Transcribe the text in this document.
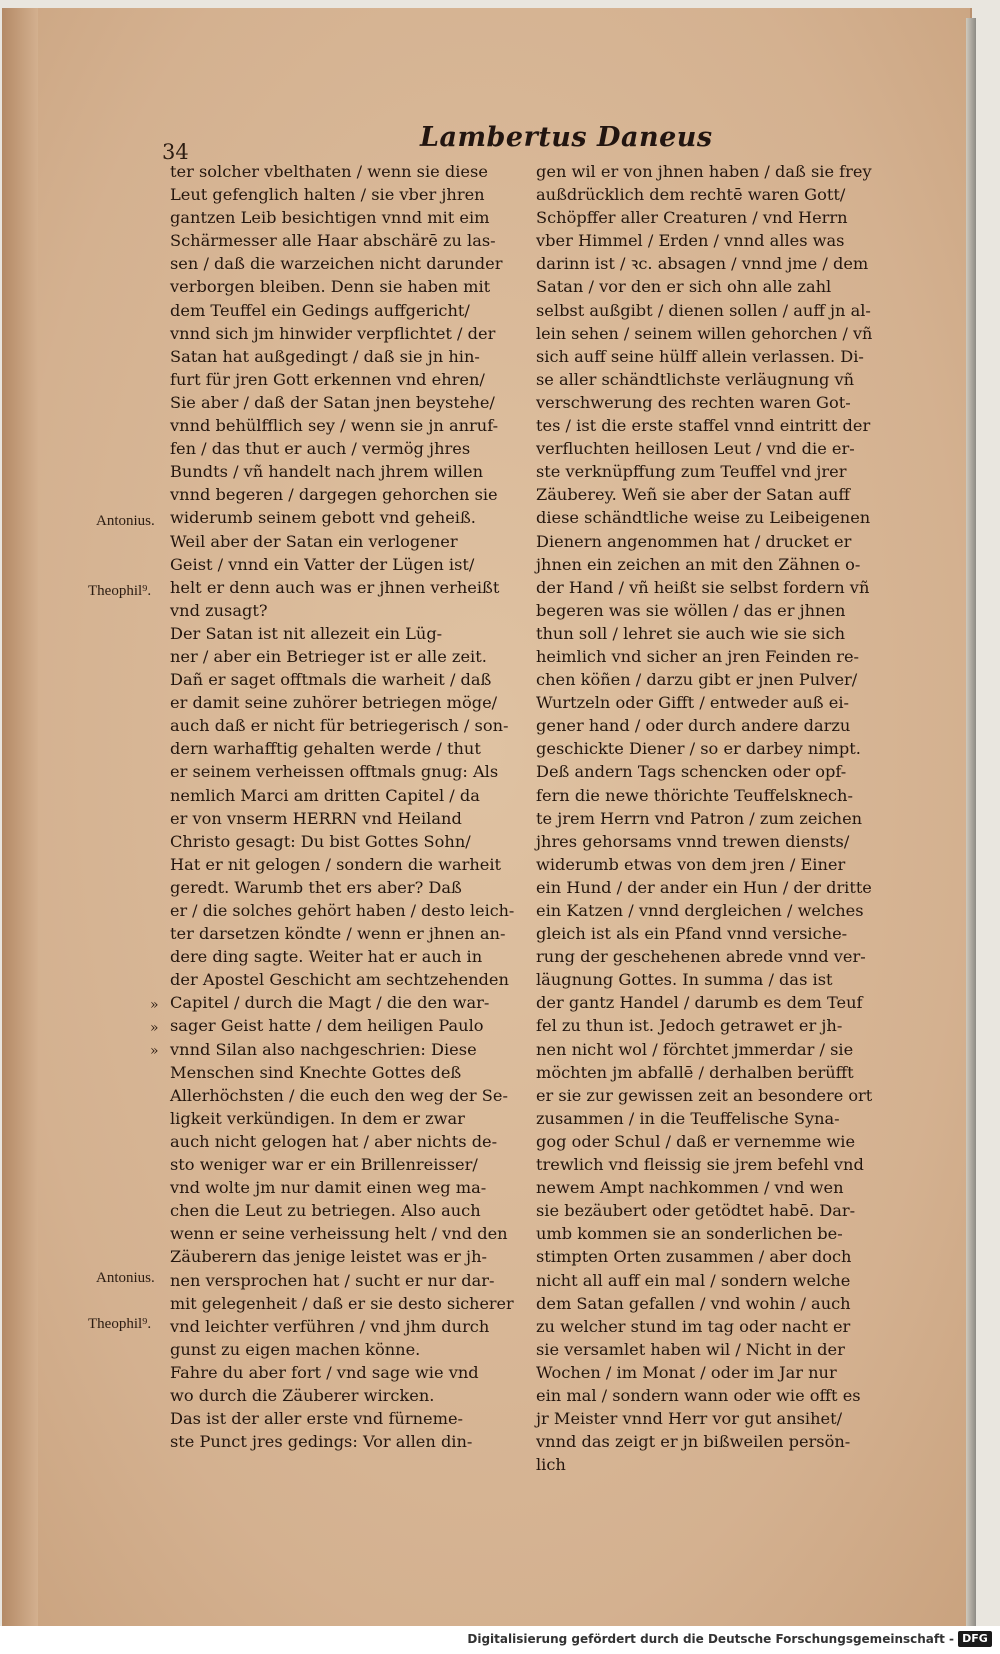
34	Lambertus Daneus
ter solcher vbelthaten / wenn sie diese
Leut gefenglich halten / sie vber jhren
gantzen Leib besichtigen vnnd mit eim
Schärmesser alle Haar abschärē zu las-
sen / daß die warzeichen nicht darunder
verborgen bleiben. Denn sie haben mit
dem Teuffel ein Gedings auffgericht/
vnnd sich jm hinwider verpflichtet / der
Satan hat außgedingt / daß sie jn hin-
furt für jren Gott erkennen vnd ehren/
Sie aber / daß der Satan jnen beystehe/
vnnd behülfflich sey / wenn sie jn anruf-
fen / das thut er auch / vermög jhres
Bundts / vñ handelt nach jhrem willen
vnnd begeren / dargegen gehorchen sie
widerumb seinem gebott vnd geheiß.
Weil aber der Satan ein verlogener
Geist / vnnd ein Vatter der Lügen ist/
helt er denn auch was er jhnen verheißt
vnd zusagt?
Der Satan ist nit allezeit ein Lüg-
ner / aber ein Betrieger ist er alle zeit.
Dañ er saget offtmals die warheit / daß
er damit seine zuhörer betriegen möge/
auch daß er nicht für betriegerisch / son-
dern warhafftig gehalten werde / thut
er seinem verheissen offtmals gnug: Als
nemlich Marci am dritten Capitel / da
er von vnserm HERRN vnd Heiland
Christo gesagt: Du bist Gottes Sohn/
Hat er nit gelogen / sondern die warheit
geredt. Warumb thet ers aber? Daß
er / die solches gehört haben / desto leich-
ter darsetzen köndte / wenn er jhnen an-
dere ding sagte. Weiter hat er auch in
der Apostel Geschicht am sechtzehenden
Capitel / durch die Magt / die den war-
sager Geist hatte / dem heiligen Paulo
vnnd Silan also nachgeschrien: Diese
Menschen sind Knechte Gottes deß
Allerhöchsten / die euch den weg der Se-
ligkeit verkündigen. In dem er zwar
auch nicht gelogen hat / aber nichts de-
sto weniger war er ein Brillenreisser/
vnd wolte jm nur damit einen weg ma-
chen die Leut zu betriegen. Also auch
wenn er seine verheissung helt / vnd den
Zäuberern das jenige leistet was er jh-
nen versprochen hat / sucht er nur dar-
mit gelegenheit / daß er sie desto sicherer
vnd leichter verführen / vnd jhm durch
gunst zu eigen machen könne.
Fahre du aber fort / vnd sage wie vnd
wo durch die Zäuberer wircken.
Das ist der aller erste vnd fürneme-
ste Punct jres gedings: Vor allen din-
gen wil er von jhnen haben / daß sie frey
außdrücklich dem rechtē waren Gott/
Schöpffer aller Creaturen / vnd Herrn
vber Himmel / Erden / vnnd alles was
darinn ist / ꝛc. absagen / vnnd jme / dem
Satan / vor den er sich ohn alle zahl
selbst außgibt / dienen sollen / auff jn al-
lein sehen / seinem willen gehorchen / vñ
sich auff seine hülff allein verlassen. Di-
se aller schändtlichste verläugnung vñ
verschwerung des rechten waren Got-
tes / ist die erste staffel vnnd eintritt der
verfluchten heillosen Leut / vnd die er-
ste verknüpffung zum Teuffel vnd jrer
Zäuberey. Weñ sie aber der Satan auff
diese schändtliche weise zu Leibeigenen
Dienern angenommen hat / drucket er
jhnen ein zeichen an mit den Zähnen o-
der Hand / vñ heißt sie selbst fordern vñ
begeren was sie wöllen / das er jhnen
thun soll / lehret sie auch wie sie sich
heimlich vnd sicher an jren Feinden re-
chen köñen / darzu gibt er jnen Pulver/
Wurtzeln oder Gifft / entweder auß ei-
gener hand / oder durch andere darzu
geschickte Diener / so er darbey nimpt.
Deß andern Tags schencken oder opf-
fern die newe thörichte Teuffelsknech-
te jrem Herrn vnd Patron / zum zeichen
jhres gehorsams vnnd trewen diensts/
widerumb etwas von dem jren / Einer
ein Hund / der ander ein Hun / der dritte
ein Katzen / vnnd dergleichen / welches
gleich ist als ein Pfand vnnd versiche-
rung der geschehenen abrede vnnd ver-
läugnung Gottes. In summa / das ist
der gantz Handel / darumb es dem Teuf
fel zu thun ist. Jedoch getrawet er jh-
nen nicht wol / förchtet jmmerdar / sie
möchten jm abfallē / derhalben berüfft
er sie zur gewissen zeit an besondere ort
zusammen / in die Teuffelische Syna-
gog oder Schul / daß er vernemme wie
trewlich vnd fleissig sie jrem befehl vnd
newem Ampt nachkommen / vnd wen
sie bezäubert oder getödtet habē. Dar-
umb kommen sie an sonderlichen be-
stimpten Orten zusammen / aber doch
nicht all auff ein mal / sondern welche
dem Satan gefallen / vnd wohin / auch
zu welcher stund im tag oder nacht er
sie versamlet haben wil / Nicht in der
Wochen / im Monat / oder im Jar nur
ein mal / sondern wann oder wie offt es
jr Meister vnnd Herr vor gut ansihet/
vnnd das zeigt er jn bißweilen persön-
lich
Antonius.
Theophil⁹.
Antonius.
Theophil⁹.
»
»
»
Digitalisierung gefördert durch die Deutsche Forschungsgemeinschaft - DFG
